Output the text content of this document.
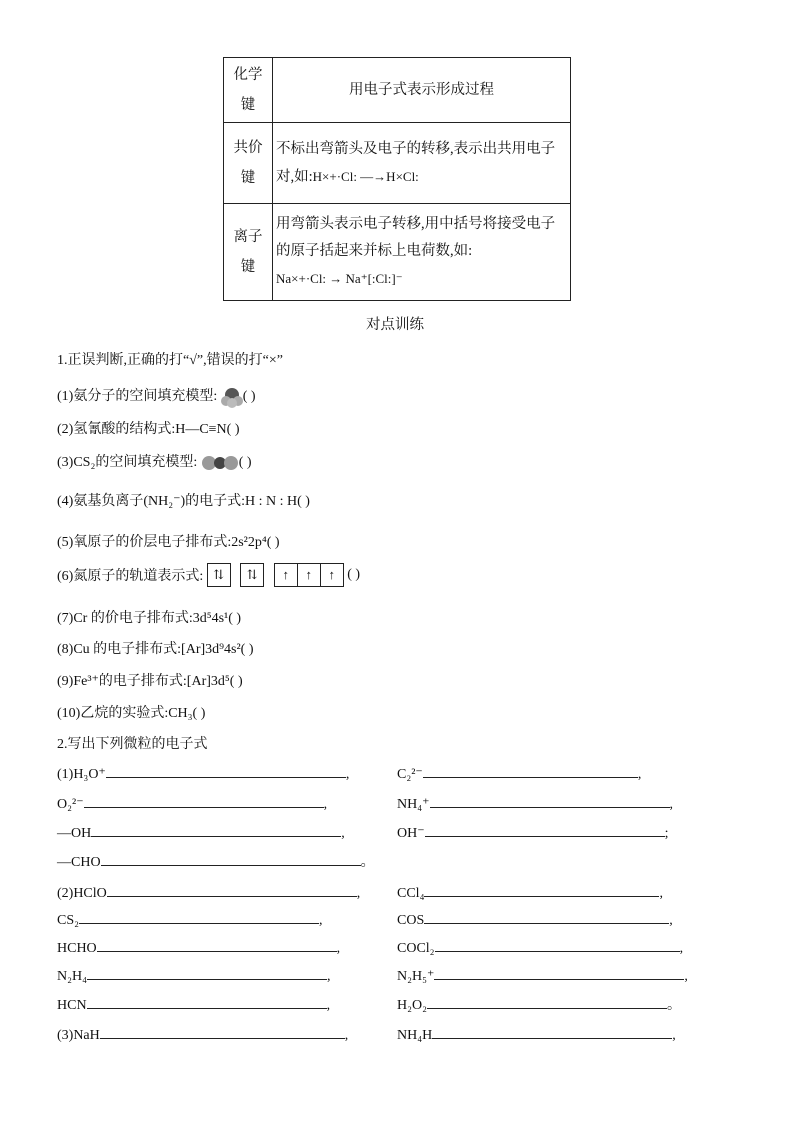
化学键	用电子式表示形成过程
共价键	不标出弯箭头及电子的转移,表示出共用电子对,如:H×+·Cl: —→H×Cl:
离子键	用弯箭头表示电子转移,用中括号将接受电子的原子括起来并标上电荷数,如:
Na×+·Cl: → Na⁺[:Cl:]⁻
对点训练
1.正误判断,正确的打“√”,错误的打“×”
(1)氨分子的空间填充模型: ( )
(2)氢氰酸的结构式:H—C≡N( )
(3)CS₂的空间填充模型:	( )
(4)氨基负离子(NH₂⁻)的电子式:H : N : H( )
(5)氧原子的价层电子排布式:2s²2p⁴( )
(6)氮原子的轨道表示式: ⇅ ⇅ ↑ ↑ ↑ ( )
(7)Cr 的价电子排布式:3d⁵4s¹( )
(8)Cu 的电子排布式:[Ar]3d⁹4s²( )
(9)Fe³⁺的电子排布式:[Ar]3d⁵( )
(10)乙烷的实验式:CH₃( )
2.写出下列微粒的电子式
(1)H₃O⁺	,	C₂²⁻	,
O₂²⁻	,	NH₄⁺	,
—OH	,	OH⁻	;
—CHO	。
(2)HClO	,	CCl₄	,
CS₂	,	COS	,
HCHO	,	COCl₂	,
N₂H₄	,	N₂H₅⁺	,
HCN	,	H₂O₂	。
(3)NaH	,	NH₄H	,
